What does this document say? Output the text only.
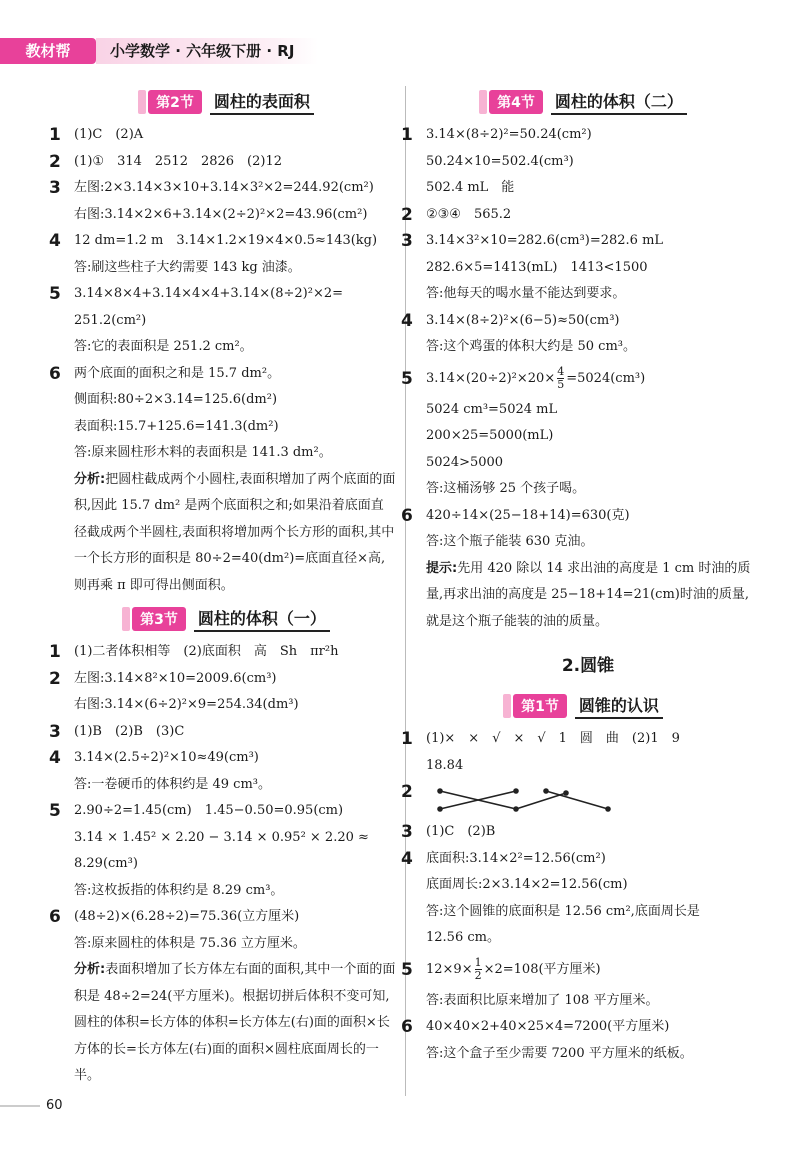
教材帮	小学数学 · 六年级下册 · RJ
第2节	圆柱的表面积
1 (1)C　(2)A
2 (1)①　314　2512　2826　(2)12
3 左图:2×3.14×3×10+3.14×3²×2=244.92(cm²)
右图:3.14×2×6+3.14×(2÷2)²×2=43.96(cm²)
4 12 dm=1.2 m　3.14×1.2×19×4×0.5≈143(kg)
答:刷这些柱子大约需要 143 kg 油漆。
5 3.14×8×4+3.14×4×4+3.14×(8÷2)²×2=
251.2(cm²)
答:它的表面积是 251.2 cm²。
6 两个底面的面积之和是 15.7 dm²。
侧面积:80÷2×3.14=125.6(dm²)
表面积:15.7+125.6=141.3(dm²)
答:原来圆柱形木料的表面积是 141.3 dm²。
分析:把圆柱截成两个小圆柱,表面积增加了两个底面的面积,因此 15.7 dm² 是两个底面积之和;如果沿着底面直径截成两个半圆柱,表面积将增加两个长方形的面积,其中一个长方形的面积是 80÷2=40(dm²)=底面直径×高,则再乘 π 即可得出侧面积。
第3节	圆柱的体积（一）
1 (1)二者体积相等　(2)底面积　高　Sh　πr²h
2 左图:3.14×8²×10=2009.6(cm³)
右图:3.14×(6÷2)²×9=254.34(dm³)
3 (1)B　(2)B　(3)C
4 3.14×(2.5÷2)²×10≈49(cm³)
答:一卷硬币的体积约是 49 cm³。
5 2.90÷2=1.45(cm)　1.45−0.50=0.95(cm)
3.14 × 1.45² × 2.20 − 3.14 × 0.95² × 2.20 ≈
8.29(cm³)
答:这枚扳指的体积约是 8.29 cm³。
6 (48÷2)×(6.28÷2)=75.36(立方厘米)
答:原来圆柱的体积是 75.36 立方厘米。
分析:表面积增加了长方体左右面的面积,其中一个面的面积是 48÷2=24(平方厘米)。根据切拼后体积不变可知,圆柱的体积=长方体的体积=长方体左(右)面的面积×长方体的长=长方体左(右)面的面积×圆柱底面周长的一半。
第4节	圆柱的体积（二）
1 3.14×(8÷2)²=50.24(cm²)
50.24×10=502.4(cm³)
502.4 mL　能
2 ②③④　565.2
3 3.14×3²×10=282.6(cm³)=282.6 mL
282.6×5=1413(mL)　1413<1500
答:他每天的喝水量不能达到要求。
4 3.14×(8÷2)²×(6−5)≈50(cm³)
答:这个鸡蛋的体积大约是 50 cm³。
5 $3.14\times(20\div 2)^2\times 20\times \frac{4}{5} =5024(cm^3)$
5024 cm³=5024 mL
200×25=5000(mL)
5024>5000
答:这桶汤够 25 个孩子喝。
6 420÷14×(25−18+14)=630(克)
答:这个瓶子能装 630 克油。
提示:先用 420 除以 14 求出油的高度是 1 cm 时油的质量,再求出油的高度是 25−18+14=21(cm)时油的质量,就是这个瓶子能装的油的质量。
2.圆锥
第1节	圆锥的认识
1 (1)×　×　√　×　√　1　圆　曲　(2)1　9
18.84
2
3 (1)C　(2)B
4 底面积:3.14×2²=12.56(cm²)
底面周长:2×3.14×2=12.56(cm)
答:这个圆锥的底面积是 12.56 cm²,底面周长是
12.56 cm。
5 $12\times 9\times \frac{1}{2} \times 2=108$(平方厘米)
答:表面积比原来增加了 108 平方厘米。
6 40×40×2+40×25×4=7200(平方厘米)
答:这个盒子至少需要 7200 平方厘米的纸板。
60
